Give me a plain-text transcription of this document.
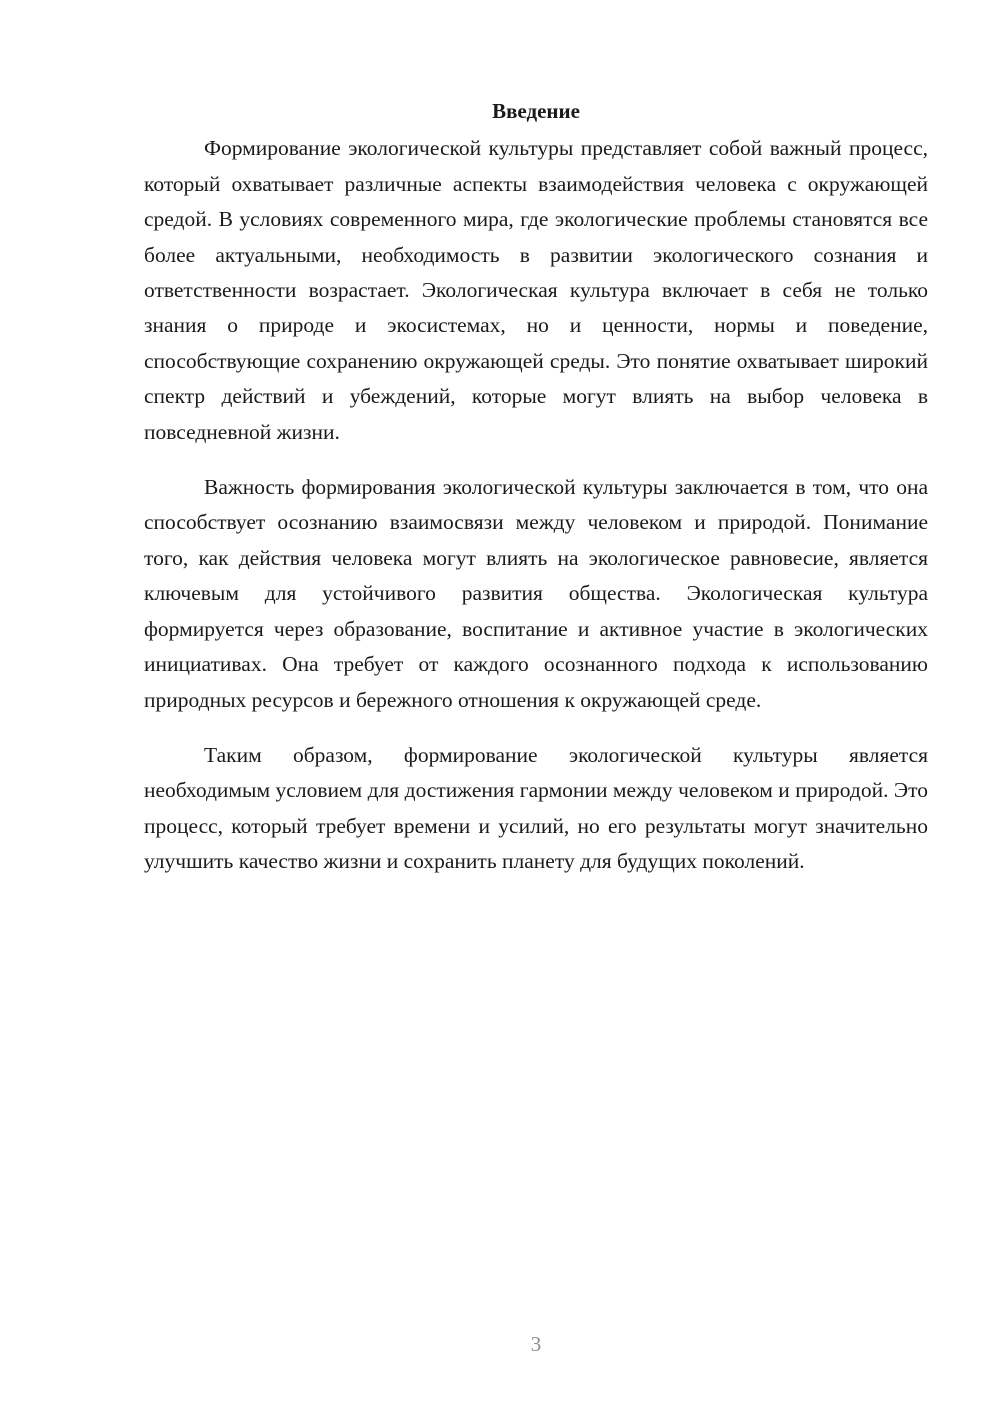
Введение

Формирование экологической культуры представляет собой важный процесс, который охватывает различные аспекты взаимодействия человека с окружающей средой. В условиях современного мира, где экологические проблемы становятся все более актуальными, необходимость в развитии экологического сознания и ответственности возрастает. Экологическая культура включает в себя не только знания о природе и экосистемах, но и ценности, нормы и поведение, способствующие сохранению окружающей среды. Это понятие охватывает широкий спектр действий и убеждений, которые могут влиять на выбор человека в повседневной жизни.

Важность формирования экологической культуры заключается в том, что она способствует осознанию взаимосвязи между человеком и природой. Понимание того, как действия человека могут влиять на экологическое равновесие, является ключевым для устойчивого развития общества. Экологическая культура формируется через образование, воспитание и активное участие в экологических инициативах. Она требует от каждого осознанного подхода к использованию природных ресурсов и бережного отношения к окружающей среде.

Таким образом, формирование экологической культуры является необходимым условием для достижения гармонии между человеком и природой. Это процесс, который требует времени и усилий, но его результаты могут значительно улучшить качество жизни и сохранить планету для будущих поколений.

3
